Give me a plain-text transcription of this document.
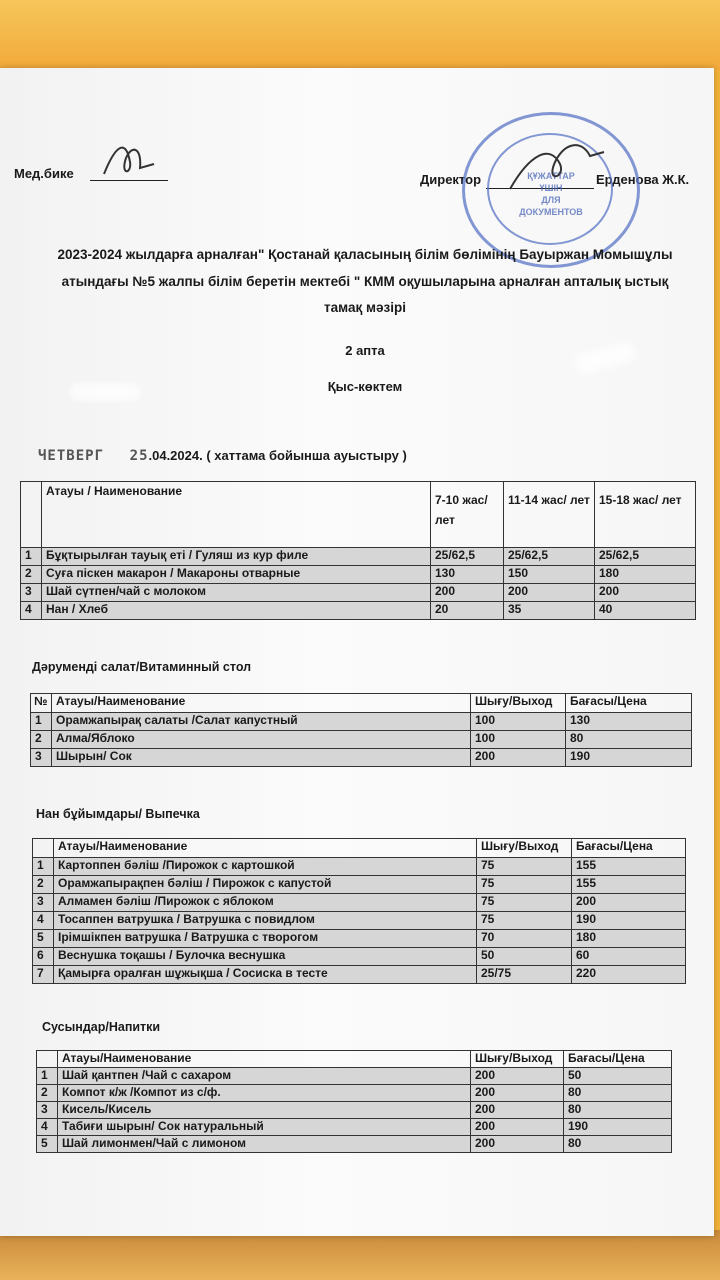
Мед.бике	Директор	Ерденова Ж.К.
ҚҰЖАТТАР
ҮШІН
ДЛЯ
ДОКУМЕНТОВ
2023-2024 жылдарға арналған" Қостанай қаласының білім бөлімінің Бауыржан Момышұлы
атындағы №5 жалпы білім беретін мектебі " КММ оқушыларына арналған апталық ыстық
тамақ мәзірі
2 апта
Қыс-көктем
ЧЕТВЕРГ 25.04.2024. ( хаттама бойынша ауыстыру )
	Атауы / Наименование	7-10 жас/ лет	11-14 жас/ лет	15-18 жас/ лет
1	Бұқтырылған тауық еті / Гуляш из кур филе	25/62,5	25/62,5	25/62,5
2	Суға піскен макарон / Макароны отварные	130	150	180
3	Шай сүтпен/чай с молоком	200	200	200
4	Нан / Хлеб	20	35	40
Дәруменді салат/Витаминный стол
№	Атауы/Наименование	Шығу/Выход	Бағасы/Цена
1	Орамжапырақ салаты /Салат капустный	100	130
2	Алма/Яблоко	100	80
3	Шырын/ Сок	200	190
Нан бұйымдары/ Выпечка
	Атауы/Наименование	Шығу/Выход	Бағасы/Цена
1	Картоппен бәліш /Пирожок с картошкой	75	155
2	Орамжапырақпен бәліш / Пирожок с капустой	75	155
3	Алмамен бәліш /Пирожок с яблоком	75	200
4	Тосаппен ватрушка / Ватрушка с повидлом	75	190
5	Ірімшікпен ватрушка / Ватрушка с творогом	70	180
6	Веснушка тоқашы / Булочка веснушка	50	60
7	Қамырға оралған шұжықша / Сосиска в тесте	25/75	220
Сусындар/Напитки
	Атауы/Наименование	Шығу/Выход	Бағасы/Цена
1	Шай қантпен /Чай с сахаром	200	50
2	Компот к/ж /Компот из с/ф.	200	80
3	Кисель/Кисель	200	80
4	Табиғи шырын/ Сок натуральный	200	190
5	Шай лимонмен/Чай с лимоном	200	80
